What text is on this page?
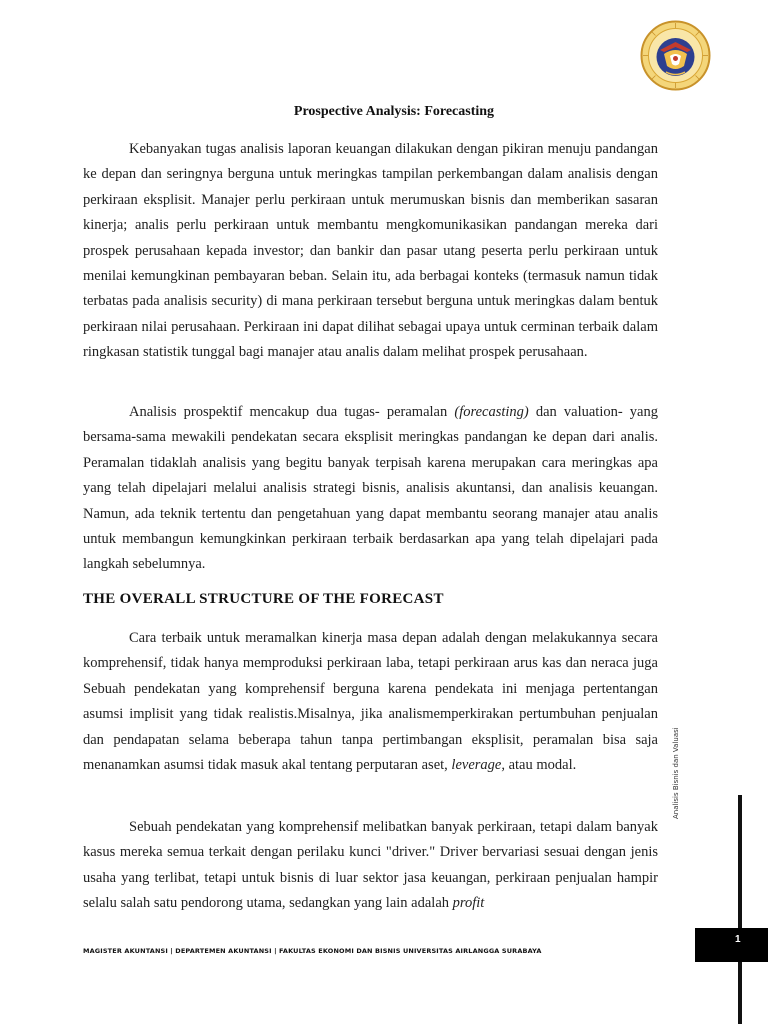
Prospective Analysis: Forecasting

Kebanyakan tugas analisis laporan keuangan dilakukan dengan pikiran menuju pandangan ke depan dan seringnya berguna untuk meringkas tampilan perkembangan dalam analisis dengan perkiraan eksplisit. Manajer perlu perkiraan untuk merumuskan bisnis dan memberikan sasaran kinerja; analis perlu perkiraan untuk membantu mengkomunikasikan pandangan mereka dari prospek perusahaan kepada investor; dan bankir dan pasar utang peserta perlu perkiraan untuk menilai kemungkinan pembayaran beban. Selain itu, ada berbagai konteks (termasuk namun tidak terbatas pada analisis security) di mana perkiraan tersebut berguna untuk meringkas dalam bentuk perkiraan nilai perusahaan. Perkiraan ini dapat dilihat sebagai upaya untuk cerminan terbaik dalam ringkasan statistik tunggal bagi manajer atau analis dalam melihat prospek perusahaan.

Analisis prospektif mencakup dua tugas- peramalan (forecasting) dan valuation- yang bersama-sama mewakili pendekatan secara eksplisit meringkas pandangan ke depan dari analis. Peramalan tidaklah analisis yang begitu banyak terpisah karena merupakan cara meringkas apa yang telah dipelajari melalui analisis strategi bisnis, analisis akuntansi, dan analisis keuangan. Namun, ada teknik tertentu dan pengetahuan yang dapat membantu seorang manajer atau analis untuk membangun kemungkinkan perkiraan terbaik berdasarkan apa yang telah dipelajari pada langkah sebelumnya.

THE OVERALL STRUCTURE OF THE FORECAST

Cara terbaik untuk meramalkan kinerja masa depan adalah dengan melakukannya secara komprehensif, tidak hanya memproduksi perkiraan laba, tetapi perkiraan arus kas dan neraca juga Sebuah pendekatan yang komprehensif berguna karena pendekata ini menjaga pertentangan asumsi implisit yang tidak realistis.Misalnya, jika analismemperkirakan pertumbuhan penjualan dan pendapatan selama beberapa tahun tanpa pertimbangan eksplisit, peramalan bisa saja menanamkan asumsi tidak masuk akal tentang perputaran aset, leverage, atau modal.

Sebuah pendekatan yang komprehensif melibatkan banyak perkiraan, tetapi dalam banyak kasus mereka semua terkait dengan perilaku kunci "driver." Driver bervariasi sesuai dengan jenis usaha yang terlibat, tetapi untuk bisnis di luar sektor jasa keuangan, perkiraan penjualan hampir selalu salah satu pendorong utama, sedangkan yang lain adalah profit

Analisis Bisnis dan Valuasi
1
MAGISTER AKUNTANSI | DEPARTEMEN AKUNTANSI | FAKULTAS EKONOMI DAN BISNIS UNIVERSITAS AIRLANGGA SURABAYA
